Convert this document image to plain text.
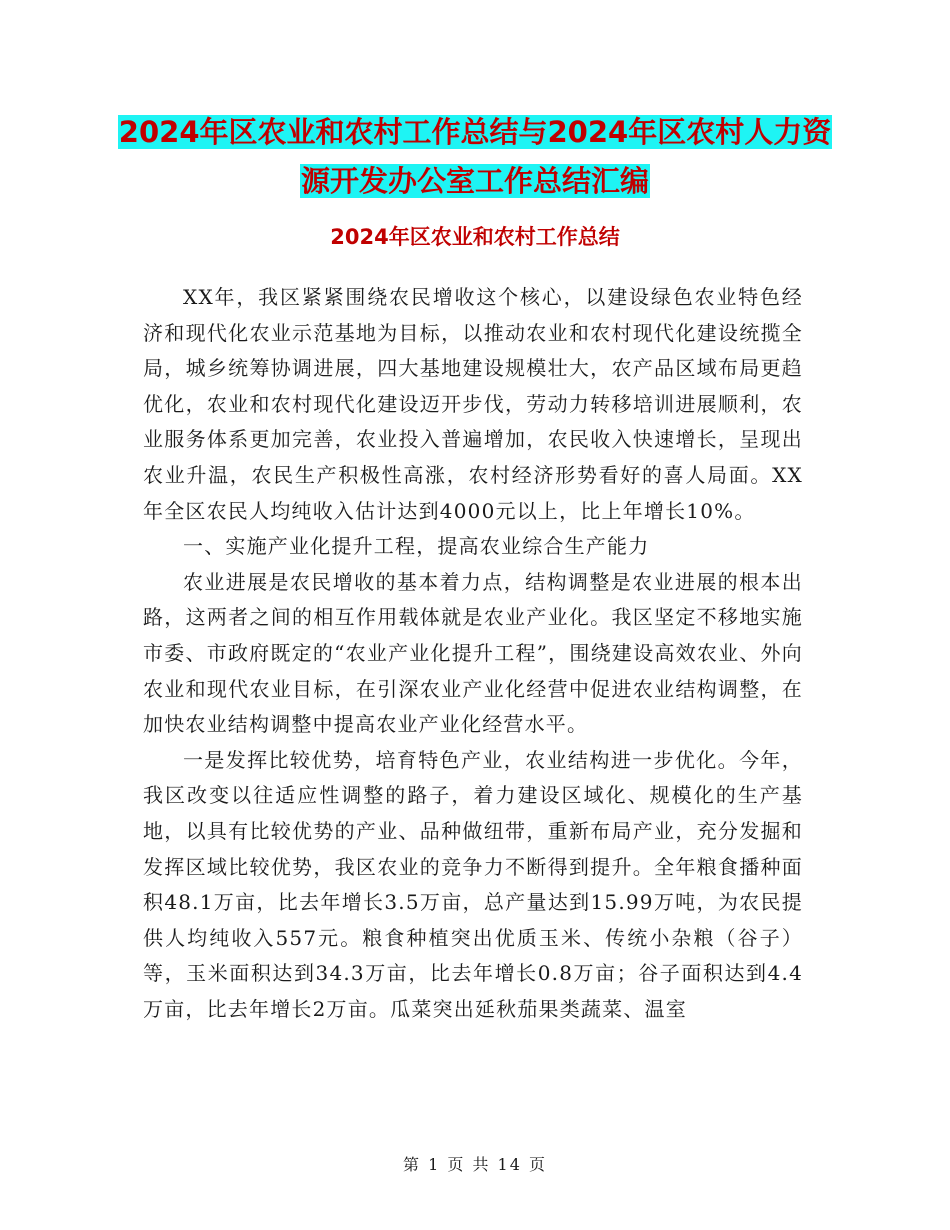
2024年区农业和农村工作总结与2024年区农村人力资
源开发办公室工作总结汇编
2024年区农业和农村工作总结

XX年，我区紧紧围绕农民增收这个核心，以建设绿色农业特色经济和现代化农业示范基地为目标，以推动农业和农村现代化建设统揽全局，城乡统筹协调进展，四大基地建设规模壮大，农产品区域布局更趋优化，农业和农村现代化建设迈开步伐，劳动力转移培训进展顺利，农业服务体系更加完善，农业投入普遍增加，农民收入快速增长，呈现出农业升温，农民生产积极性高涨，农村经济形势看好的喜人局面。XX年全区农民人均纯收入估计达到4000元以上，比上年增长10%。

一、实施产业化提升工程，提高农业综合生产能力

农业进展是农民增收的基本着力点，结构调整是农业进展的根本出路，这两者之间的相互作用载体就是农业产业化。我区坚定不移地实施市委、市政府既定的“农业产业化提升工程”，围绕建设高效农业、外向农业和现代农业目标，在引深农业产业化经营中促进农业结构调整，在加快农业结构调整中提高农业产业化经营水平。

一是发挥比较优势，培育特色产业，农业结构进一步优化。今年，我区改变以往适应性调整的路子，着力建设区域化、规模化的生产基地，以具有比较优势的产业、品种做纽带，重新布局产业，充分发掘和发挥区域比较优势，我区农业的竞争力不断得到提升。全年粮食播种面积48.1万亩，比去年增长3.5万亩，总产量达到15.99万吨，为农民提供人均纯收入557元。粮食种植突出优质玉米、传统小杂粮（谷子）等，玉米面积达到34.3万亩，比去年增长0.8万亩；谷子面积达到4.4万亩，比去年增长2万亩。瓜菜突出延秋茄果类蔬菜、温室

第 1 页 共 14 页
